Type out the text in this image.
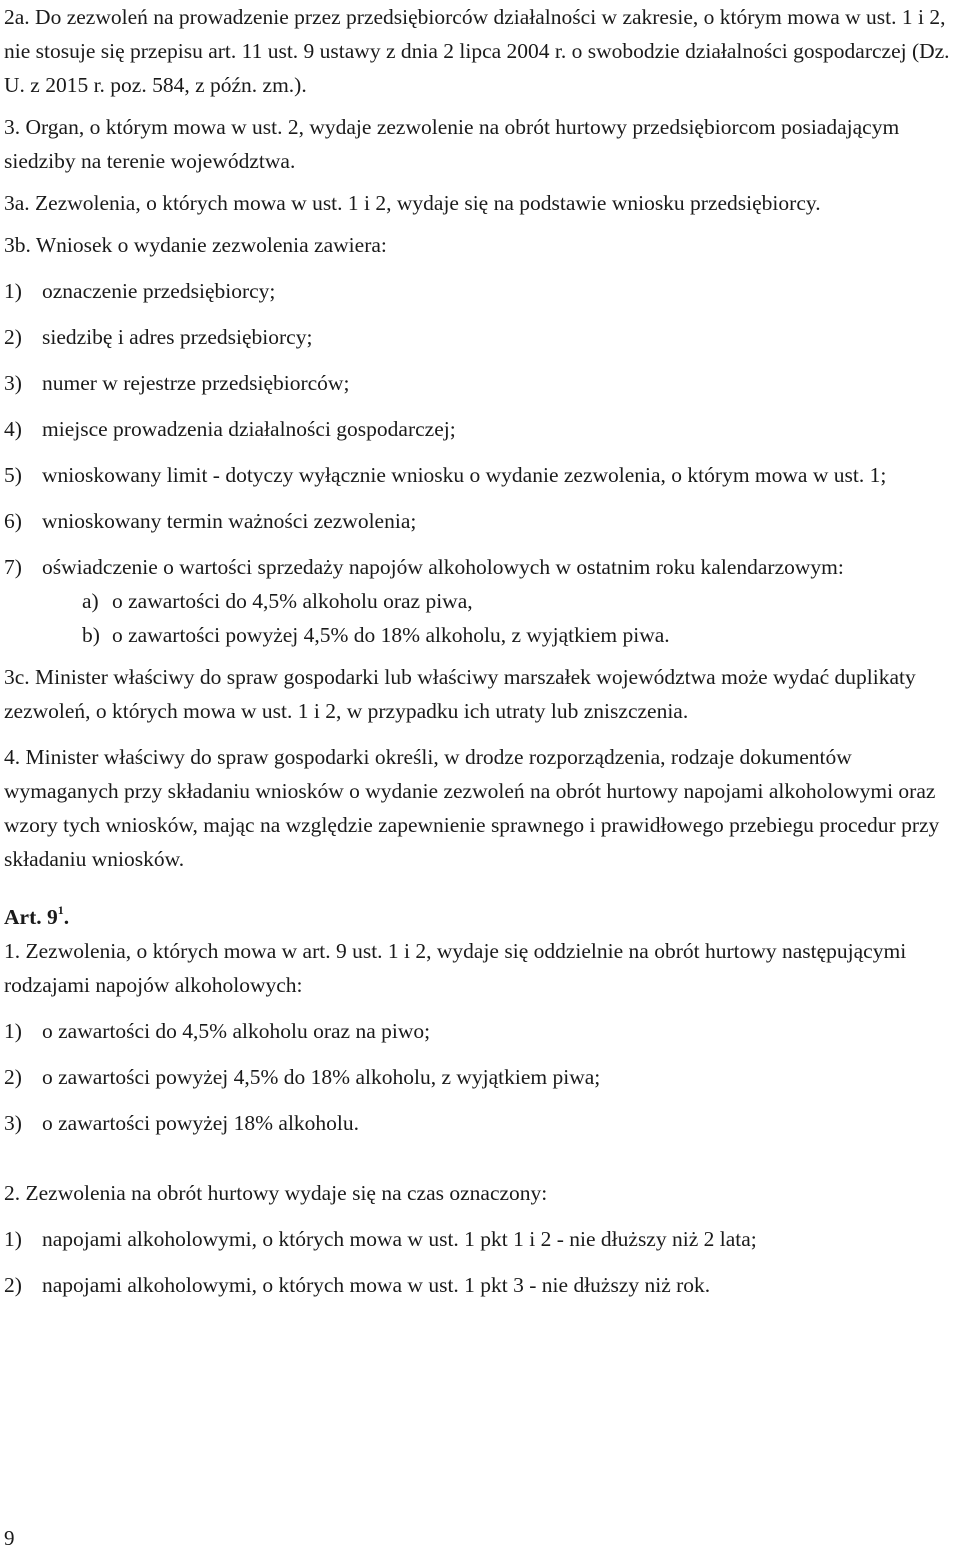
2a. Do zezwoleń na prowadzenie przez przedsiębiorców działalności w zakresie, o którym mowa w ust. 1 i 2, nie stosuje się przepisu art. 11 ust. 9 ustawy z dnia 2 lipca 2004 r. o swobodzie działalności gospodarczej (Dz. U. z 2015 r. poz. 584, z późn. zm.).

3. Organ, o którym mowa w ust. 2, wydaje zezwolenie na obrót hurtowy przedsiębiorcom posiadającym siedziby na terenie województwa.

3a. Zezwolenia, o których mowa w ust. 1 i 2, wydaje się na podstawie wniosku przedsiębiorcy.

3b. Wniosek o wydanie zezwolenia zawiera:

1) oznaczenie przedsiębiorcy;

2) siedzibę i adres przedsiębiorcy;

3) numer w rejestrze przedsiębiorców;

4) miejsce prowadzenia działalności gospodarczej;

5) wnioskowany limit - dotyczy wyłącznie wniosku o wydanie zezwolenia, o którym mowa w ust. 1;

6) wnioskowany termin ważności zezwolenia;

7) oświadczenie o wartości sprzedaży napojów alkoholowych w ostatnim roku kalendarzowym:

a) o zawartości do 4,5% alkoholu oraz piwa,

b) o zawartości powyżej 4,5% do 18% alkoholu, z wyjątkiem piwa.

3c. Minister właściwy do spraw gospodarki lub właściwy marszałek województwa może wydać duplikaty zezwoleń, o których mowa w ust. 1 i 2, w przypadku ich utraty lub zniszczenia.

4. Minister właściwy do spraw gospodarki określi, w drodze rozporządzenia, rodzaje dokumentów wymaganych przy składaniu wniosków o wydanie zezwoleń na obrót hurtowy napojami alkoholowymi oraz wzory tych wniosków, mając na względzie zapewnienie sprawnego i prawidłowego przebiegu procedur przy składaniu wniosków.

Art. $9^1$.

1. Zezwolenia, o których mowa w art. 9 ust. 1 i 2, wydaje się oddzielnie na obrót hurtowy następującymi rodzajami napojów alkoholowych:

1) o zawartości do 4,5% alkoholu oraz na piwo;

2) o zawartości powyżej 4,5% do 18% alkoholu, z wyjątkiem piwa;

3) o zawartości powyżej 18% alkoholu.

2. Zezwolenia na obrót hurtowy wydaje się na czas oznaczony:

1) napojami alkoholowymi, o których mowa w ust. 1 pkt 1 i 2 - nie dłuższy niż 2 lata;

2) napojami alkoholowymi, o których mowa w ust. 1 pkt 3 - nie dłuższy niż rok.

9
